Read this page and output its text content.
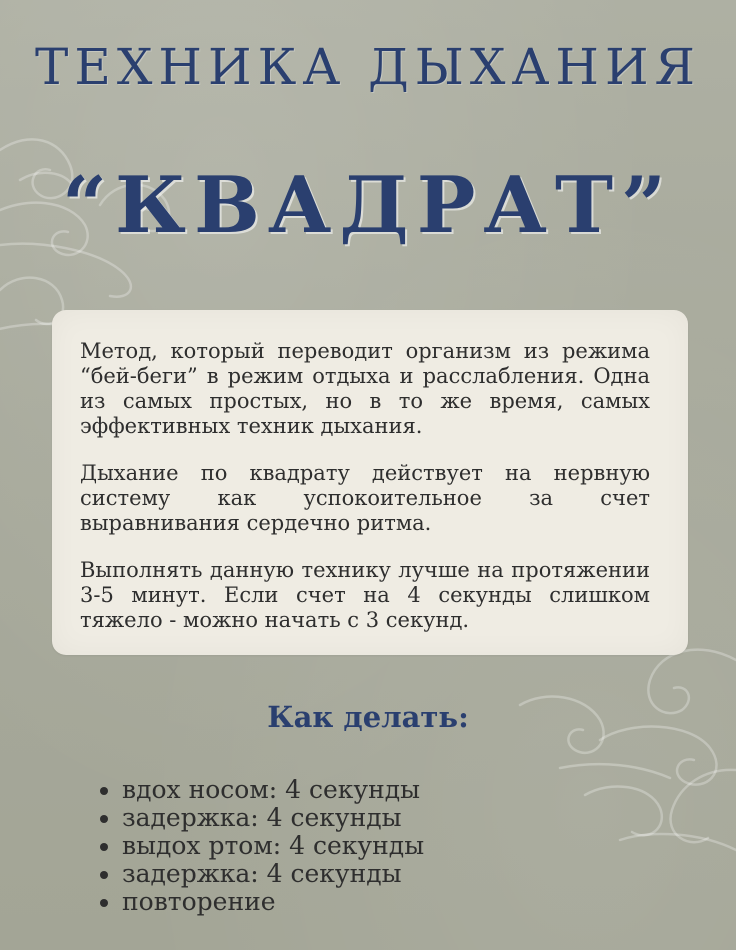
ТЕХНИКА ДЫХАНИЯ
“КВАДРАТ”

Метод, который переводит организм из режима “бей-беги” в режим отдыха и расслабления. Одна из самых простых, но в то же время, самых эффективных техник дыхания.

Дыхание по квадрату действует на нервную систему как успокоительное за счет выравнивания сердечно ритма.

Выполнять данную технику лучше на протяжении 3-5 минут. Если счет на 4 секунды слишком тяжело - можно начать с 3 секунд.

Как делать:
вдох носом: 4 секунды
задержка: 4 секунды
выдох ртом: 4 секунды
задержка: 4 секунды
повторение
